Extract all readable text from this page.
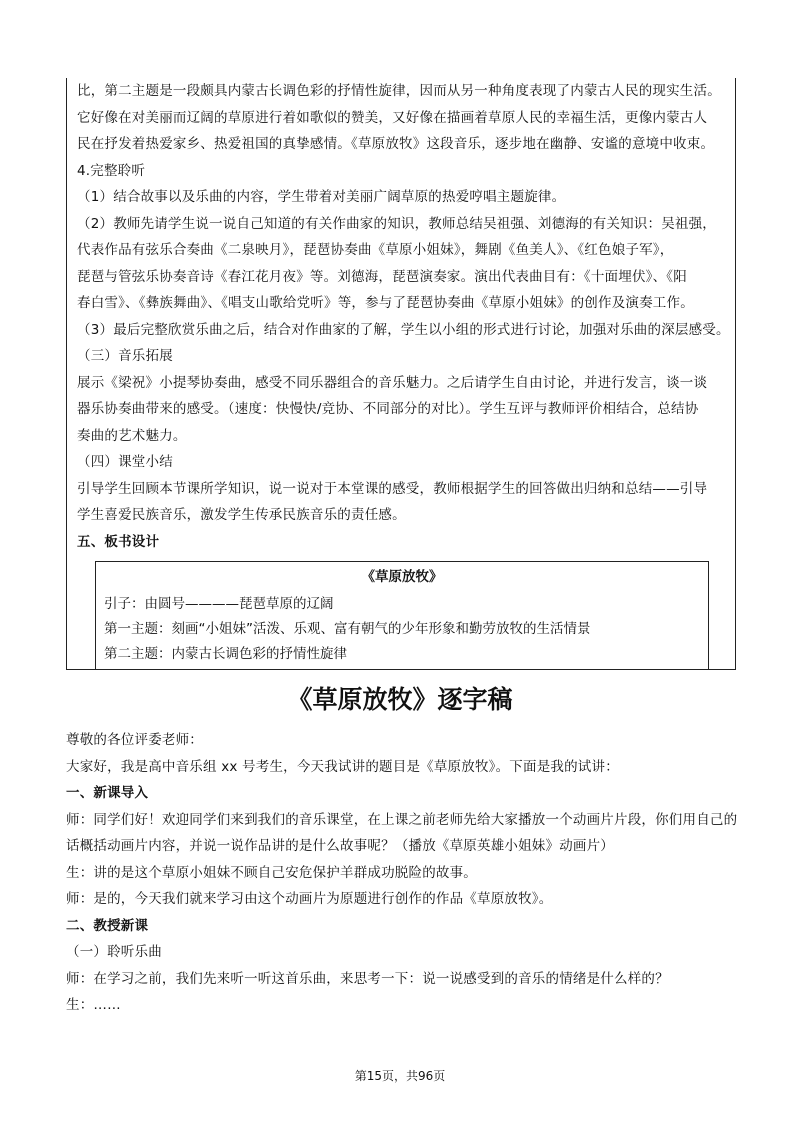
比，第二主题是一段颇具内蒙古长调色彩的抒情性旋律，因而从另一种角度表现了内蒙古人民的现实生活。
它好像在对美丽而辽阔的草原进行着如歌似的赞美，又好像在描画着草原人民的幸福生活，更像内蒙古人
民在抒发着热爱家乡、热爱祖国的真挚感情。《草原放牧》这段音乐，逐步地在幽静、安谧的意境中收束。
4.完整聆听
（1）结合故事以及乐曲的内容，学生带着对美丽广阔草原的热爱哼唱主题旋律。
（2）教师先请学生说一说自己知道的有关作曲家的知识，教师总结吴祖强、刘德海的有关知识：吴祖强，
代表作品有弦乐合奏曲《二泉映月》，琵琶协奏曲《草原小姐妹》，舞剧《鱼美人》、《红色娘子军》，
琵琶与管弦乐协奏音诗《春江花月夜》等。刘德海，琵琶演奏家。演出代表曲目有：《十面埋伏》、《阳
春白雪》、《彝族舞曲》、《唱支山歌给党听》等，参与了琵琶协奏曲《草原小姐妹》的创作及演奏工作。
（3）最后完整欣赏乐曲之后，结合对作曲家的了解，学生以小组的形式进行讨论，加强对乐曲的深层感受。
（三）音乐拓展
展示《梁祝》小提琴协奏曲，感受不同乐器组合的音乐魅力。之后请学生自由讨论，并进行发言，谈一谈
器乐协奏曲带来的感受。（速度：快慢快/竞协、不同部分的对比）。学生互评与教师评价相结合，总结协
奏曲的艺术魅力。
（四）课堂小结
引导学生回顾本节课所学知识，说一说对于本堂课的感受，教师根据学生的回答做出归纳和总结——引导
学生喜爱民族音乐，激发学生传承民族音乐的责任感。
五、板书设计
《草原放牧》
引子：由圆号————琵琶草原的辽阔
第一主题：刻画“小姐妹”活泼、乐观、富有朝气的少年形象和勤劳放牧的生活情景
第二主题：内蒙古长调色彩的抒情性旋律
《草原放牧》逐字稿
尊敬的各位评委老师：
大家好，我是高中音乐组 xx 号考生，今天我试讲的题目是《草原放牧》。下面是我的试讲：
一、新课导入
师：同学们好！欢迎同学们来到我们的音乐课堂，在上课之前老师先给大家播放一个动画片片段，你们用自己的
话概括动画片内容，并说一说作品讲的是什么故事呢？（播放《草原英雄小姐妹》动画片）
生：讲的是这个草原小姐妹不顾自己安危保护羊群成功脱险的故事。
师：是的，今天我们就来学习由这个动画片为原题进行创作的作品《草原放牧》。
二、教授新课
（一）聆听乐曲
师：在学习之前，我们先来听一听这首乐曲，来思考一下：说一说感受到的音乐的情绪是什么样的？
生：……
第15页，共96页
